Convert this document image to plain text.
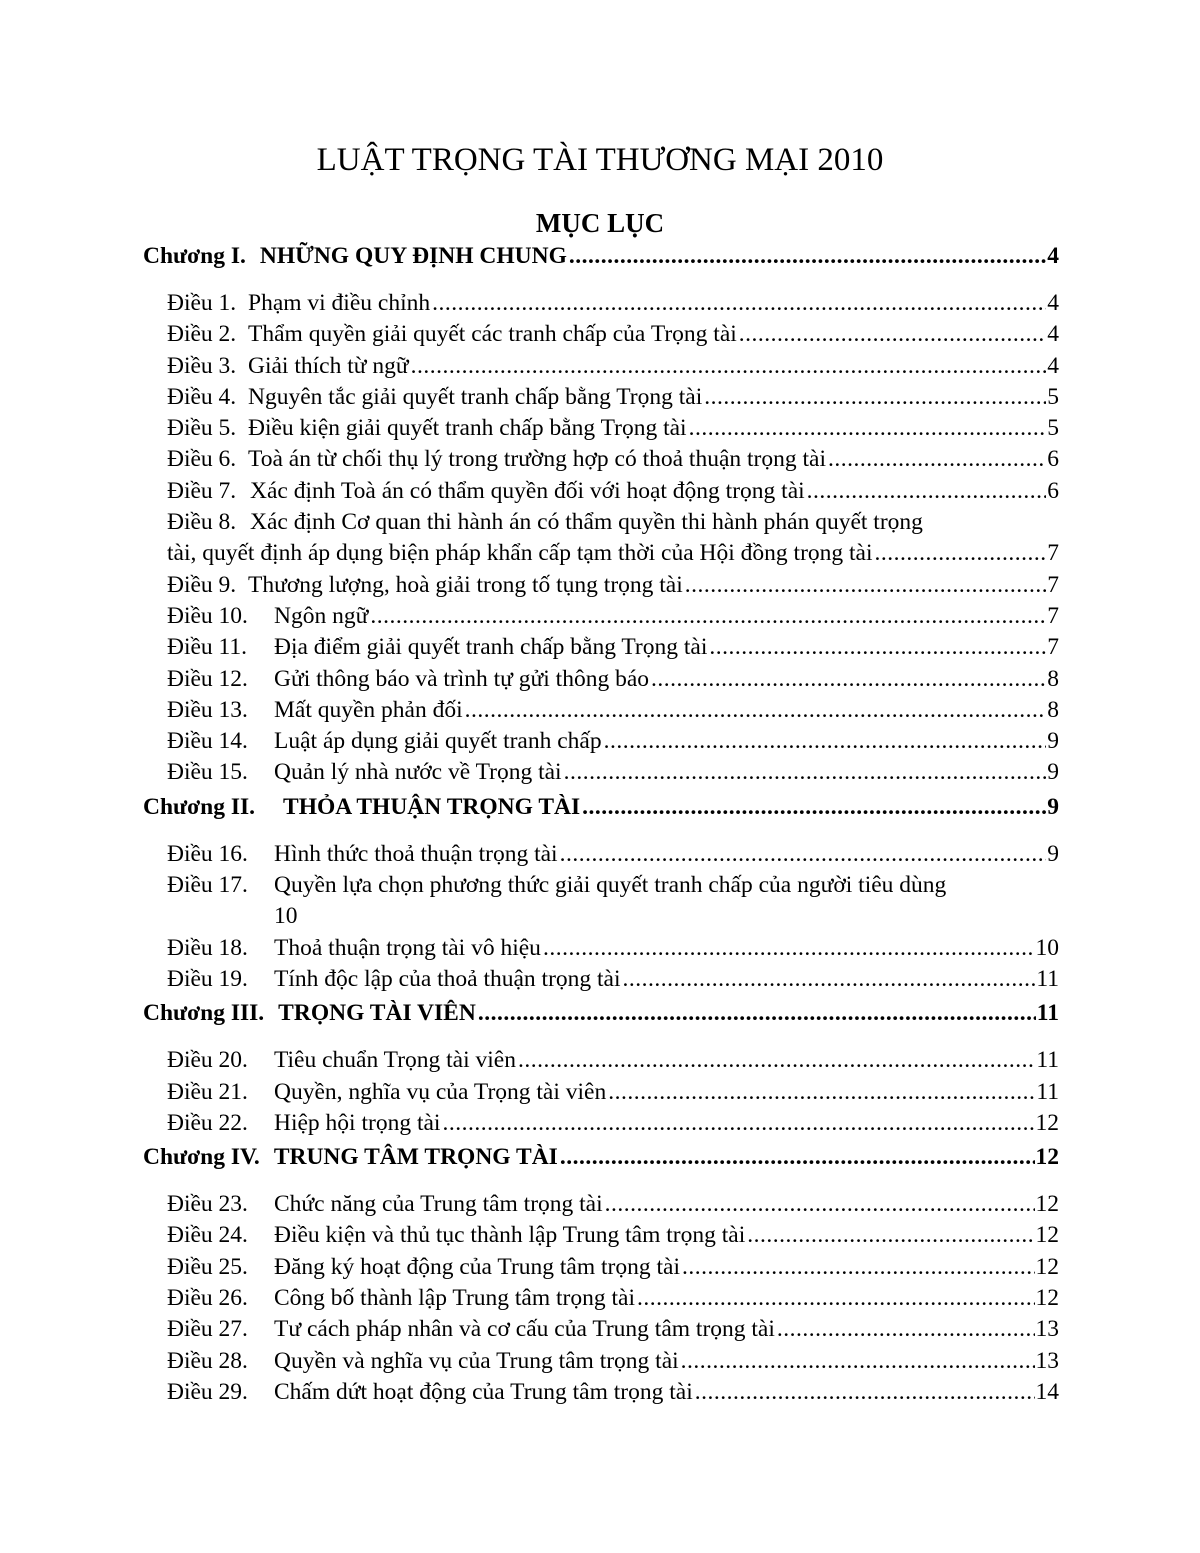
LUẬT TRỌNG TÀI THƯƠNG MẠI 2010
MỤC LỤC
Chương I. NHỮNG QUY ĐỊNH CHUNG .....	4
Điều 1. Phạm vi điều chỉnh .....	4
Điều 2. Thẩm quyền giải quyết các tranh chấp của Trọng tài .....	4
Điều 3. Giải thích từ ngữ .....	4
Điều 4. Nguyên tắc giải quyết tranh chấp bằng Trọng tài .....	5
Điều 5. Điều kiện giải quyết tranh chấp bằng Trọng tài .....	5
Điều 6. Toà án từ chối thụ lý trong trường hợp có thoả thuận trọng tài .....	6
Điều 7. Xác định Toà án có thẩm quyền đối với hoạt động trọng tài .....	6
Điều 8. Xác định Cơ quan thi hành án có thẩm quyền thi hành phán quyết trọng
tài, quyết định áp dụng biện pháp khẩn cấp tạm thời của Hội đồng trọng tài .....	7
Điều 9. Thương lượng, hoà giải trong tố tụng trọng tài .....	7
Điều 10.	Ngôn ngữ .....	7
Điều 11.	Địa điểm giải quyết tranh chấp bằng Trọng tài .....	7
Điều 12.	Gửi thông báo và trình tự gửi thông báo .....	8
Điều 13.	Mất quyền phản đối .....	8
Điều 14.	Luật áp dụng giải quyết tranh chấp .....	9
Điều 15.	Quản lý nhà nước về Trọng tài .....	9
Chương II. THỎA THUẬN TRỌNG TÀI .....	9
Điều 16.	Hình thức thoả thuận trọng tài .....	9
Điều 17.	Quyền lựa chọn phương thức giải quyết tranh chấp của người tiêu dùng
10
Điều 18.	Thoả thuận trọng tài vô hiệu .....	10
Điều 19.	Tính độc lập của thoả thuận trọng tài .....	11
Chương III. TRỌNG TÀI VIÊN .....	11
Điều 20.	Tiêu chuẩn Trọng tài viên .....	11
Điều 21.	Quyền, nghĩa vụ của Trọng tài viên .....	11
Điều 22.	Hiệp hội trọng tài .....	12
Chương IV. TRUNG TÂM TRỌNG TÀI .....	12
Điều 23.	Chức năng của Trung tâm trọng tài .....	12
Điều 24.	Điều kiện và thủ tục thành lập Trung tâm trọng tài .....	12
Điều 25.	Đăng ký hoạt động của Trung tâm trọng tài .....	12
Điều 26.	Công bố thành lập Trung tâm trọng tài .....	12
Điều 27.	Tư cách pháp nhân và cơ cấu của Trung tâm trọng tài .....	13
Điều 28.	Quyền và nghĩa vụ của Trung tâm trọng tài .....	13
Điều 29.	Chấm dứt hoạt động của Trung tâm trọng tài .....	14
